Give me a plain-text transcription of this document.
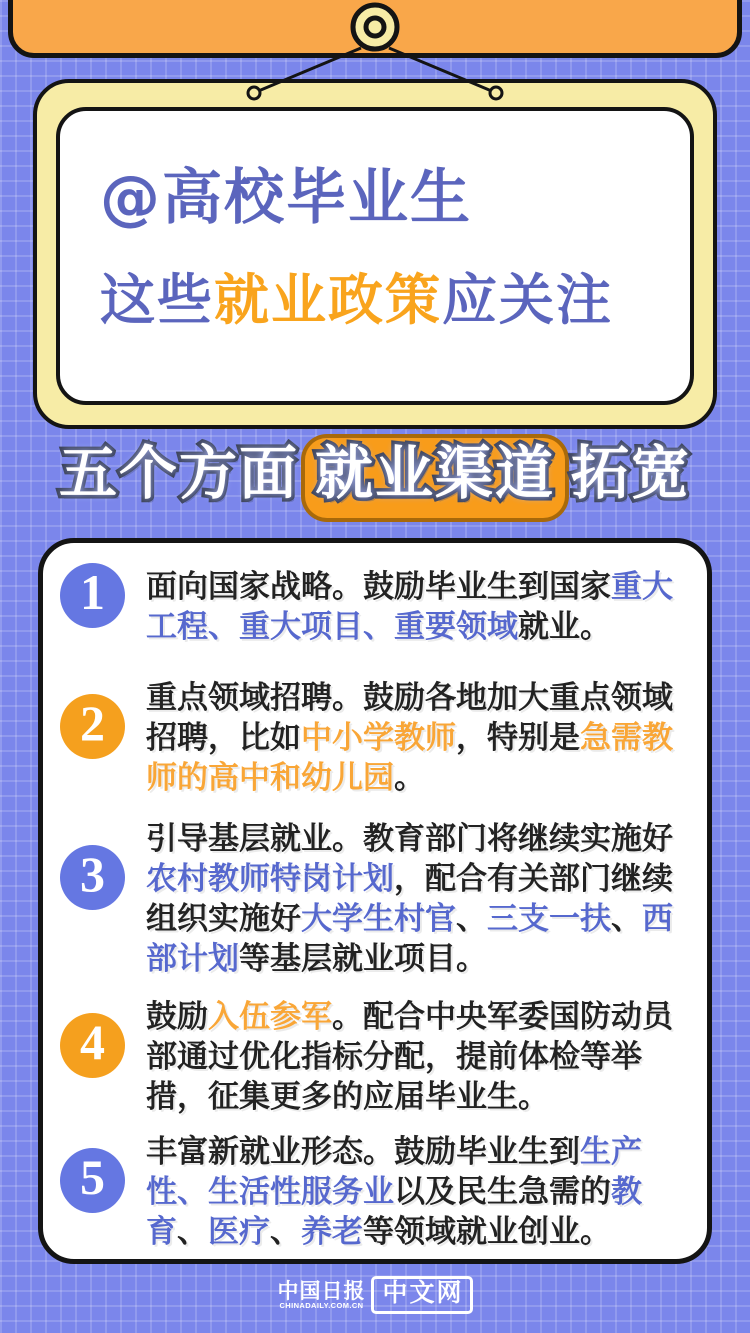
@高校毕业生
这些就业政策应关注
五个方面 就业渠道 拓宽
1	面向国家战略。鼓励毕业生到国家重大工程、重大项目、重要领域就业。

2	重点领域招聘。鼓励各地加大重点领域招聘，比如中小学教师，特别是急需教师的高中和幼儿园。

3

引导基层就业。教育部门将继续实施好农村教师特岗计划，配合有关部门继续组织实施好大学生村官、三支一扶、西部计划等基层就业项目。

4	鼓励入伍参军。配合中央军委国防动员部通过优化指标分配，提前体检等举措，征集更多的应届毕业生。

5	丰富新就业形态。鼓励毕业生到生产性、生活性服务业以及民生急需的教育、医疗、养老等领域就业创业。

中国日报
CHINADAILY.COM.CN 中文网
